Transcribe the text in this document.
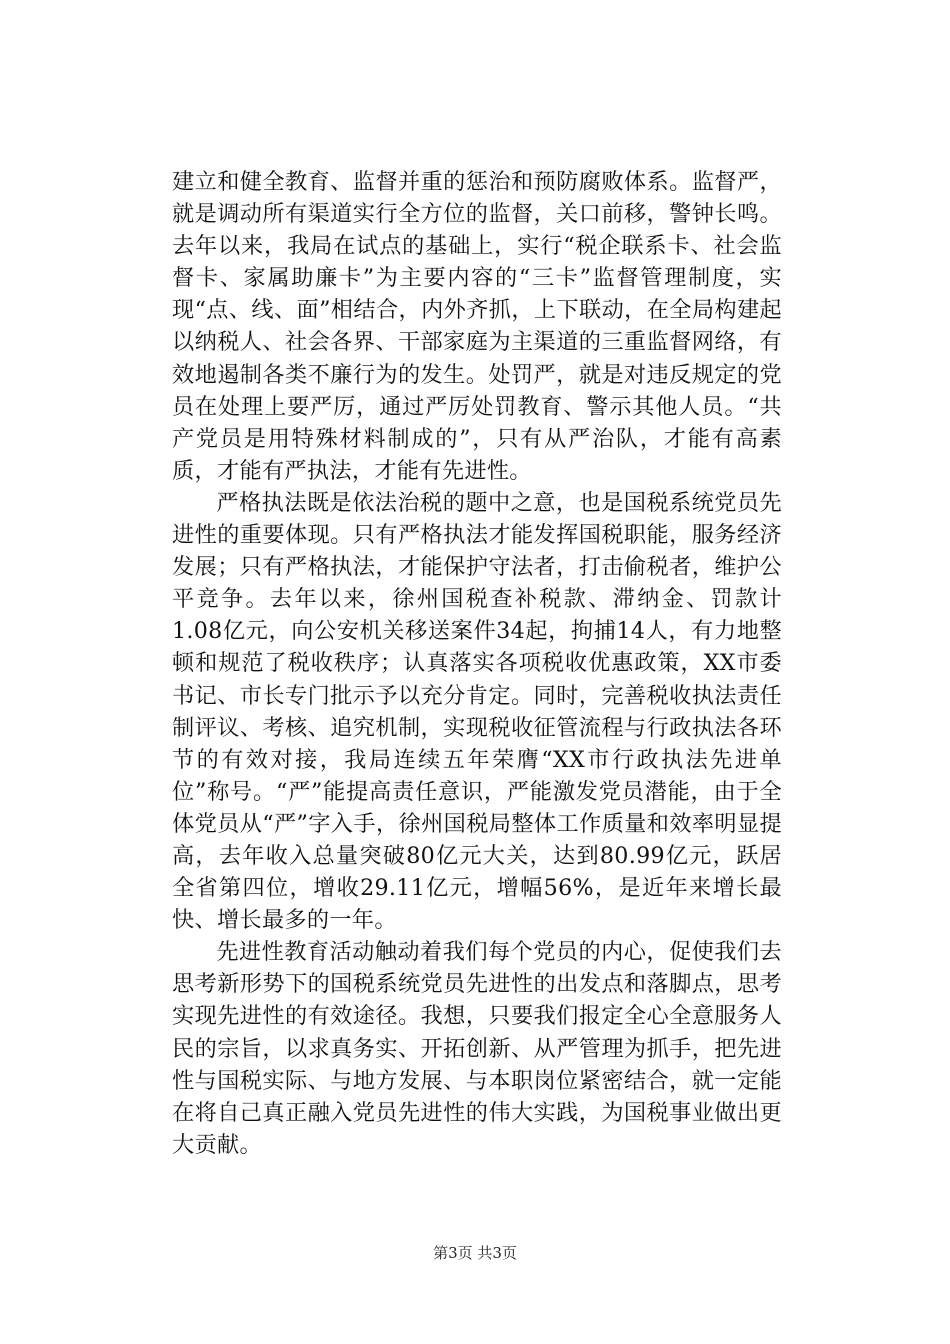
建立和健全教育、监督并重的惩治和预防腐败体系。监督严，就是调动所有渠道实行全方位的监督，关口前移，警钟长鸣。去年以来，我局在试点的基础上，实行“税企联系卡、社会监督卡、家属助廉卡”为主要内容的“三卡”监督管理制度，实现“点、线、面”相结合，内外齐抓，上下联动，在全局构建起以纳税人、社会各界、干部家庭为主渠道的三重监督网络，有效地遏制各类不廉行为的发生。处罚严，就是对违反规定的党员在处理上要严厉，通过严厉处罚教育、警示其他人员。“共产党员是用特殊材料制成的”，只有从严治队，才能有高素质，才能有严执法，才能有先进性。

严格执法既是依法治税的题中之意，也是国税系统党员先进性的重要体现。只有严格执法才能发挥国税职能，服务经济发展；只有严格执法，才能保护守法者，打击偷税者，维护公平竞争。去年以来，徐州国税查补税款、滞纳金、罚款计1.08亿元，向公安机关移送案件34起，拘捕14人，有力地整顿和规范了税收秩序；认真落实各项税收优惠政策，XX市委书记、市长专门批示予以充分肯定。同时，完善税收执法责任制评议、考核、追究机制，实现税收征管流程与行政执法各环节的有效对接，我局连续五年荣膺“XX市行政执法先进单位”称号。“严”能提高责任意识，严能激发党员潜能，由于全体党员从“严”字入手，徐州国税局整体工作质量和效率明显提高，去年收入总量突破80亿元大关，达到80.99亿元，跃居全省第四位，增收29.11亿元，增幅56%，是近年来增长最快、增长最多的一年。

先进性教育活动触动着我们每个党员的内心，促使我们去思考新形势下的国税系统党员先进性的出发点和落脚点，思考实现先进性的有效途径。我想，只要我们报定全心全意服务人民的宗旨，以求真务实、开拓创新、从严管理为抓手，把先进性与国税实际、与地方发展、与本职岗位紧密结合，就一定能在将自己真正融入党员先进性的伟大实践，为国税事业做出更大贡献。

第3页 共3页
